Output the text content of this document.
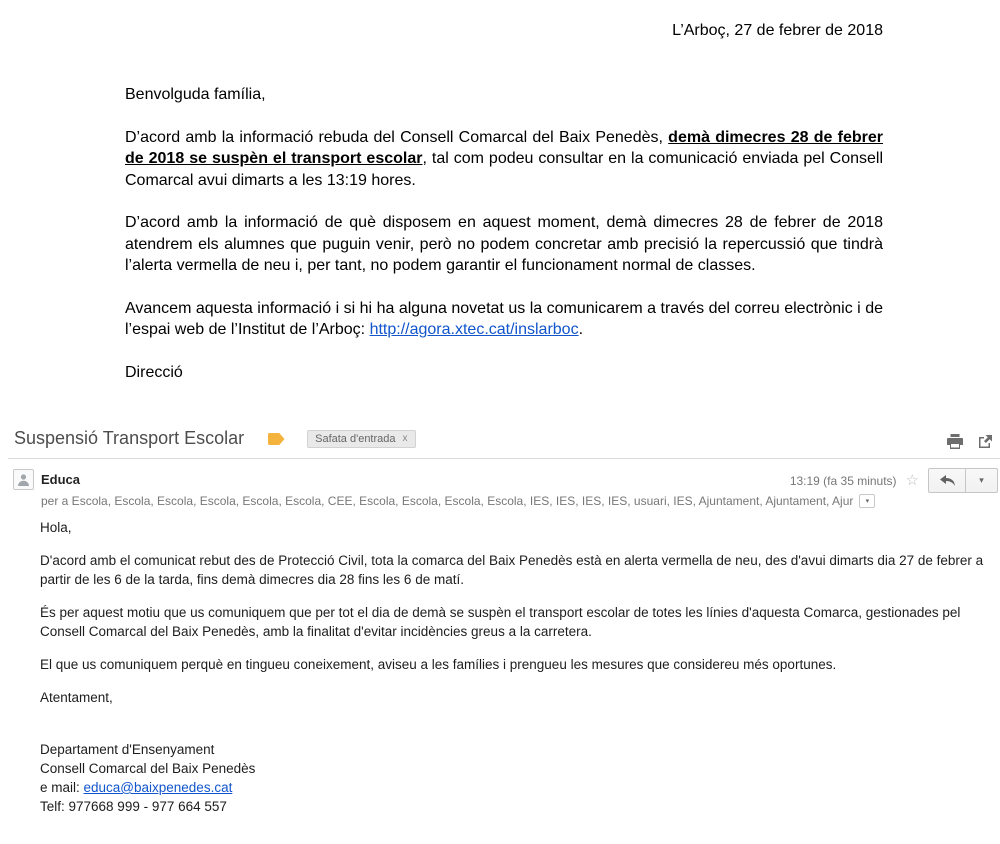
L’Arboç, 27 de febrer de 2018

Benvolguda família,

D’acord amb la informació rebuda del Consell Comarcal del Baix Penedès, demà dimecres 28 de febrer de 2018 se suspèn el transport escolar, tal com podeu consultar en la comunicació enviada pel Consell Comarcal avui dimarts a les 13:19 hores.

D’acord amb la informació de què disposem en aquest moment, demà dimecres 28 de febrer de 2018 atendrem els alumnes que puguin venir, però no podem concretar amb precisió la repercussió que tindrà l’alerta vermella de neu i, per tant, no podem garantir el funcionament normal de classes.

Avancem aquesta informació i si hi ha alguna novetat us la comunicarem a través del correu electrònic i de l’espai web de l’Institut de l’Arboç: http://agora.xtec.cat/inslarboc.

Direcció

Suspensió Transport Escolar	Safata d'entrada x
Educa	13:19 (fa 35 minuts) ☆	▾
per a Escola, Escola, Escola, Escola, Escola, Escola, CEE, Escola, Escola, Escola, Escola, IES, IES, IES, IES, usuari, IES, Ajuntament, Ajuntament, Ajur	▾

Hola,

D'acord amb el comunicat rebut des de Protecció Civil, tota la comarca del Baix Penedès està en alerta vermella de neu, des d'avui dimarts dia 27 de febrer a partir de les 6 de la tarda, fins demà dimecres dia 28 fins les 6 de matí.

És per aquest motiu que us comuniquem que per tot el dia de demà se suspèn el transport escolar de totes les línies d'aquesta Comarca, gestionades pel Consell Comarcal del Baix Penedès, amb la finalitat d'evitar incidències greus a la carretera.

El que us comuniquem perquè en tingueu coneixement, aviseu a les famílies i prengueu les mesures que considereu més oportunes.

Atentament,

Departament d'Ensenyament
Consell Comarcal del Baix Penedès
e mail: educa@baixpenedes.cat
Telf: 977668 999 - 977 664 557
